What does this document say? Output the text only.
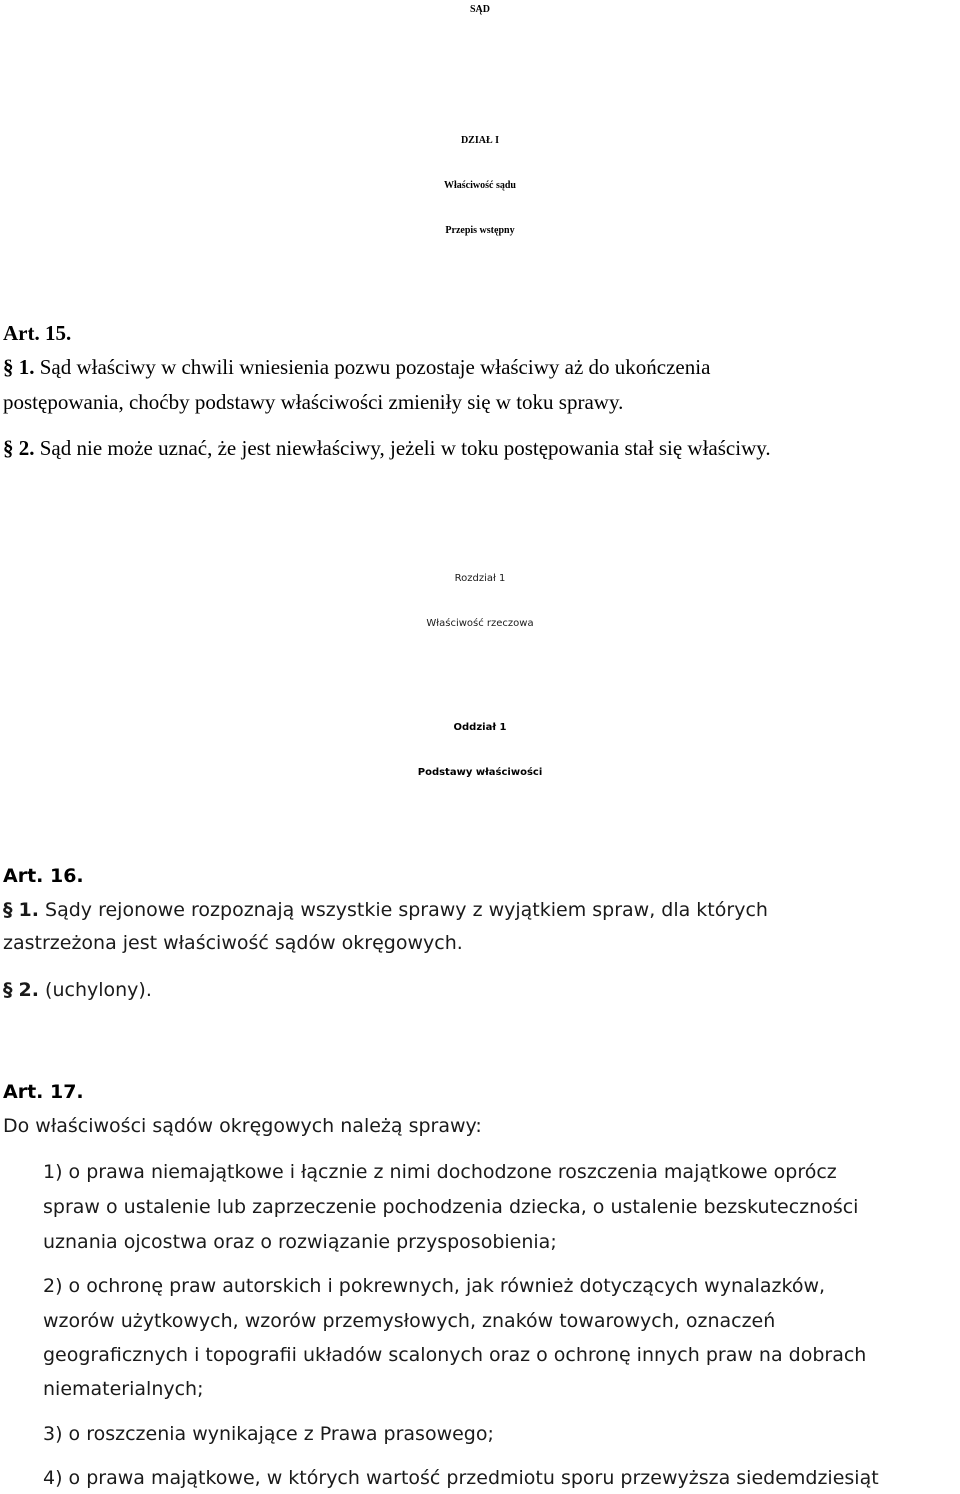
SĄD
DZIAŁ I
Właściwość sądu
Przepis wstępny
Art. 15.
§ 1. Sąd właściwy w chwili wniesienia pozwu pozostaje właściwy aż do ukończenia
postępowania, choćby podstawy właściwości zmieniły się w toku sprawy.
§ 2. Sąd nie może uznać, że jest niewłaściwy, jeżeli w toku postępowania stał się właściwy.
Rozdział 1
Właściwość rzeczowa
Oddział 1
Podstawy właściwości
Art. 16.
§ 1. Sądy rejonowe rozpoznają wszystkie sprawy z wyjątkiem spraw, dla których
zastrzeżona jest właściwość sądów okręgowych.
§ 2. (uchylony).
Art. 17.
Do właściwości sądów okręgowych należą sprawy:
1) o prawa niemajątkowe i łącznie z nimi dochodzone roszczenia majątkowe oprócz
spraw o ustalenie lub zaprzeczenie pochodzenia dziecka, o ustalenie bezskuteczności
uznania ojcostwa oraz o rozwiązanie przysposobienia;
2) o ochronę praw autorskich i pokrewnych, jak również dotyczących wynalazków,
wzorów użytkowych, wzorów przemysłowych, znaków towarowych, oznaczeń
geograficznych i topografii układów scalonych oraz o ochronę innych praw na dobrach
niematerialnych;
3) o roszczenia wynikające z Prawa prasowego;
4) o prawa majątkowe, w których wartość przedmiotu sporu przewyższa siedemdziesiąt
